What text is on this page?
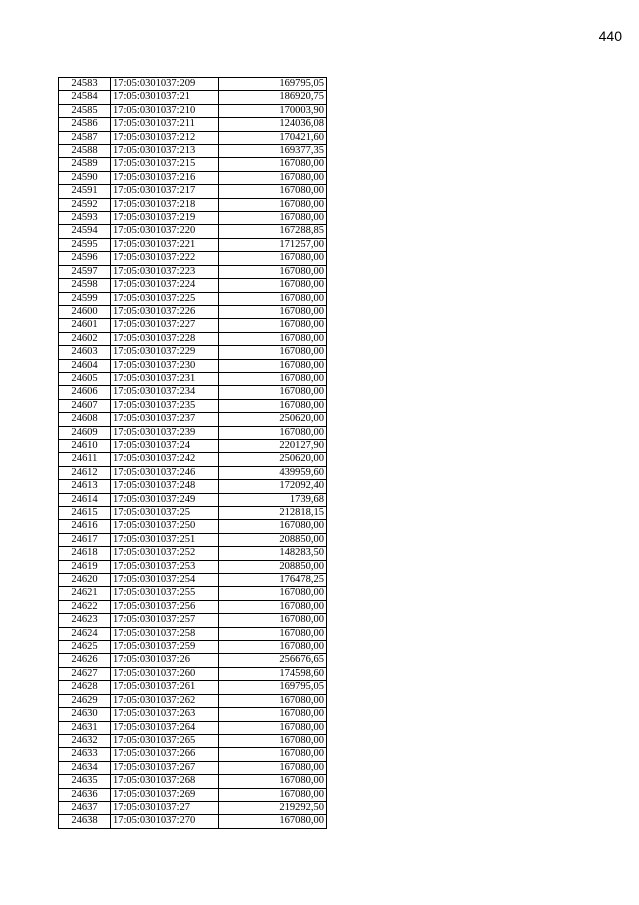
440
24583	17:05:0301037:209	169795,05
24584	17:05:0301037:21	186920,75
24585	17:05:0301037:210	170003,90
24586	17:05:0301037:211	124036,08
24587	17:05:0301037:212	170421,60
24588	17:05:0301037:213	169377,35
24589	17:05:0301037:215	167080,00
24590	17:05:0301037:216	167080,00
24591	17:05:0301037:217	167080,00
24592	17:05:0301037:218	167080,00
24593	17:05:0301037:219	167080,00
24594	17:05:0301037:220	167288,85
24595	17:05:0301037:221	171257,00
24596	17:05:0301037:222	167080,00
24597	17:05:0301037:223	167080,00
24598	17:05:0301037:224	167080,00
24599	17:05:0301037:225	167080,00
24600	17:05:0301037:226	167080,00
24601	17:05:0301037:227	167080,00
24602	17:05:0301037:228	167080,00
24603	17:05:0301037:229	167080,00
24604	17:05:0301037:230	167080,00
24605	17:05:0301037:231	167080,00
24606	17:05:0301037:234	167080,00
24607	17:05:0301037:235	167080,00
24608	17:05:0301037:237	250620,00
24609	17:05:0301037:239	167080,00
24610	17:05:0301037:24	220127,90
24611	17:05:0301037:242	250620,00
24612	17:05:0301037:246	439959,60
24613	17:05:0301037:248	172092,40
24614	17:05:0301037:249	1739,68
24615	17:05:0301037:25	212818,15
24616	17:05:0301037:250	167080,00
24617	17:05:0301037:251	208850,00
24618	17:05:0301037:252	148283,50
24619	17:05:0301037:253	208850,00
24620	17:05:0301037:254	176478,25
24621	17:05:0301037:255	167080,00
24622	17:05:0301037:256	167080,00
24623	17:05:0301037:257	167080,00
24624	17:05:0301037:258	167080,00
24625	17:05:0301037:259	167080,00
24626	17:05:0301037:26	256676,65
24627	17:05:0301037:260	174598,60
24628	17:05:0301037:261	169795,05
24629	17:05:0301037:262	167080,00
24630	17:05:0301037:263	167080,00
24631	17:05:0301037:264	167080,00
24632	17:05:0301037:265	167080,00
24633	17:05:0301037:266	167080,00
24634	17:05:0301037:267	167080,00
24635	17:05:0301037:268	167080,00
24636	17:05:0301037:269	167080,00
24637	17:05:0301037:27	219292,50
24638	17:05:0301037:270	167080,00
